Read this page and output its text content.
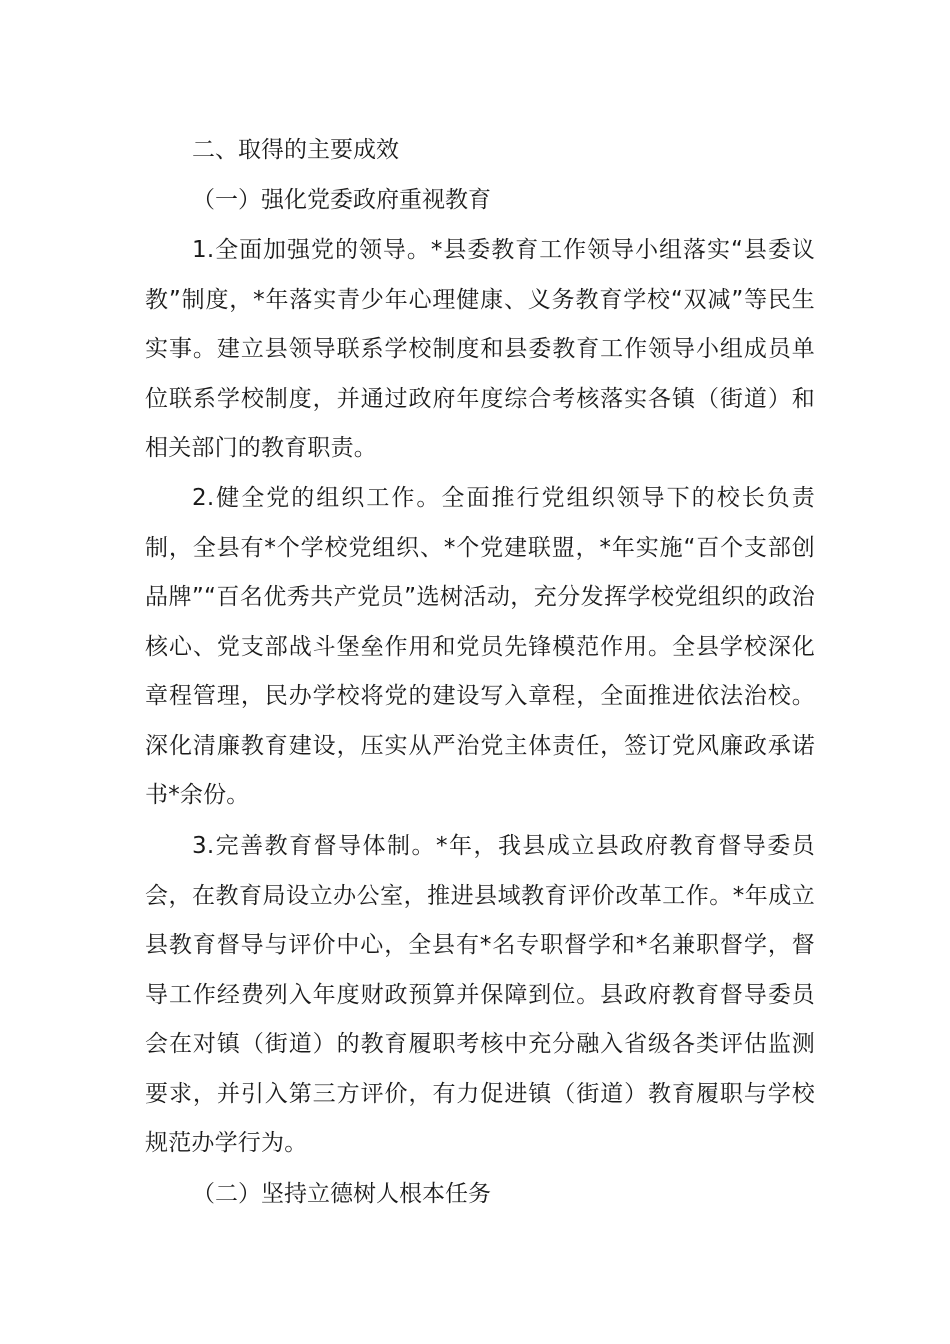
二、取得的主要成效
（一）强化党委政府重视教育

1.全面加强党的领导。*县委教育工作领导小组落实“县委议教”制度，*年落实青少年心理健康、义务教育学校“双减”等民生实事。建立县领导联系学校制度和县委教育工作领导小组成员单位联系学校制度，并通过政府年度综合考核落实各镇（街道）和相关部门的教育职责。

2.健全党的组织工作。全面推行党组织领导下的校长负责制，全县有*个学校党组织、*个党建联盟，*年实施“百个支部创品牌”“百名优秀共产党员”选树活动，充分发挥学校党组织的政治核心、党支部战斗堡垒作用和党员先锋模范作用。全县学校深化章程管理，民办学校将党的建设写入章程，全面推进依法治校。深化清廉教育建设，压实从严治党主体责任，签订党风廉政承诺书*余份。

3.完善教育督导体制。*年，我县成立县政府教育督导委员会，在教育局设立办公室，推进县域教育评价改革工作。*年成立县教育督导与评价中心，全县有*名专职督学和*名兼职督学，督导工作经费列入年度财政预算并保障到位。县政府教育督导委员会在对镇（街道）的教育履职考核中充分融入省级各类评估监测要求，并引入第三方评价，有力促进镇（街道）教育履职与学校规范办学行为。

（二）坚持立德树人根本任务
